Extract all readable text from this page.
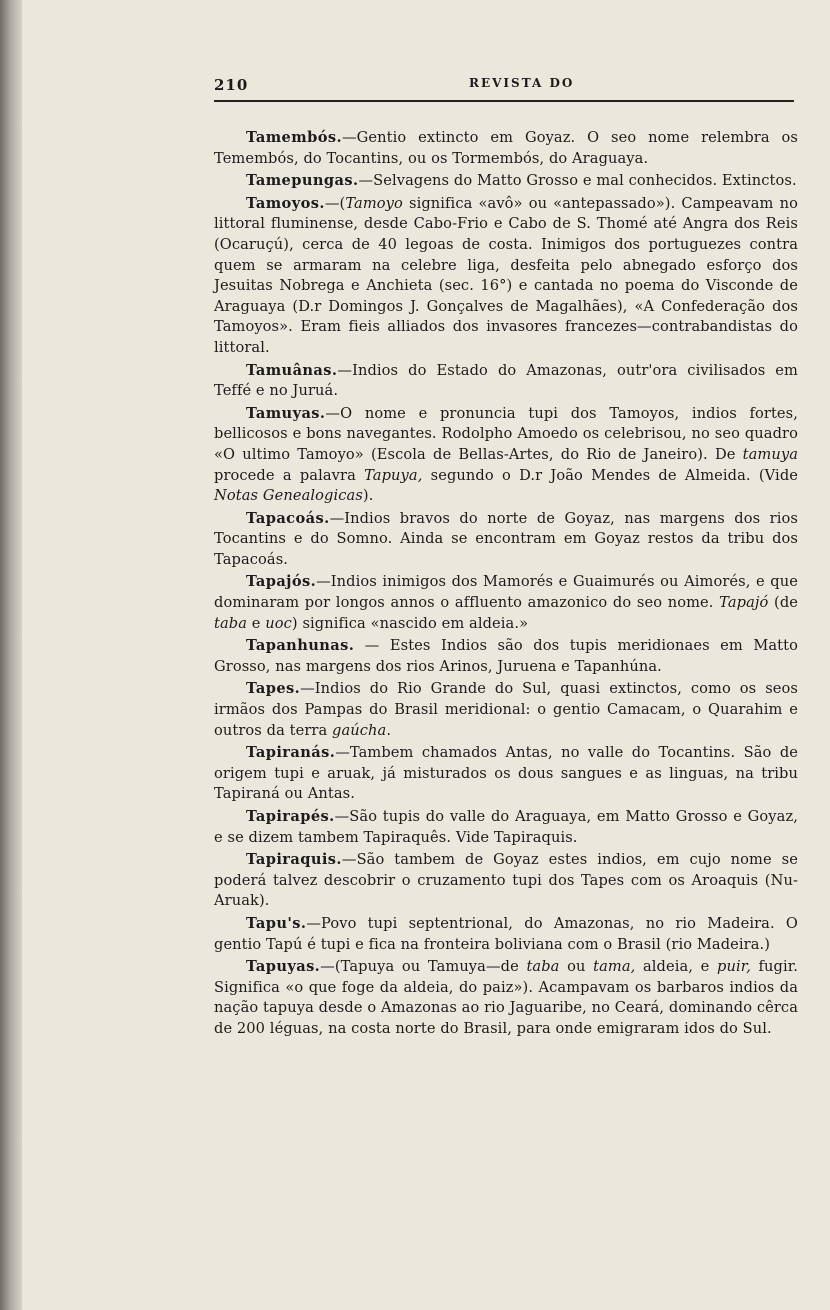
210	REVISTA DO

Tamembós.—Gentio extincto em Goyaz. O seo nome relembra os Temembós, do Tocantins, ou os Tormembós, do Araguaya.

Tamepungas.—Selvagens do Matto Grosso e mal conhecidos. Extinctos.

Tamoyos.—(Tamoyo significa «avô» ou «antepassado»). Campeavam no littoral fluminense, desde Cabo-Frio e Cabo de S. Thomé até Angra dos Reis (Ocaruçú), cerca de 40 legoas de costa. Inimigos dos portuguezes contra quem se armaram na celebre liga, desfeita pelo abnegado esforço dos Jesuitas Nobrega e Anchieta (sec. 16°) e cantada no poema do Visconde de Araguaya (D.r Domingos J. Gonçalves de Magalhães), «A Confederação dos Tamoyos». Eram fieis alliados dos invasores francezes—contrabandistas do littoral.

Tamuânas.—Indios do Estado do Amazonas, outr'ora civilisados em Teffé e no Juruá.

Tamuyas.—O nome e pronuncia tupi dos Tamoyos, indios fortes, bellicosos e bons navegantes. Rodolpho Amoedo os celebrisou, no seo quadro «O ultimo Tamoyo» (Escola de Bellas-Artes, do Rio de Janeiro). De tamuya procede a palavra Tapuya, segundo o D.r João Mendes de Almeida. (Vide Notas Genealogicas).

Tapacoás.—Indios bravos do norte de Goyaz, nas margens dos rios Tocantins e do Somno. Ainda se encontram em Goyaz restos da tribu dos Tapacoás.

Tapajós.—Indios inimigos dos Mamorés e Guaimurés ou Aimorés, e que dominaram por longos annos o affluento amazonico do seo nome. Tapajó (de taba e uoc) significa «nascido em aldeia.»

Tapanhunas. — Estes Indios são dos tupis meridionaes em Matto Grosso, nas margens dos rios Arinos, Juruena e Tapanhúna.

Tapes.—Indios do Rio Grande do Sul, quasi extinctos, como os seos irmãos dos Pampas do Brasil meridional: o gentio Camacam, o Quarahim e outros da terra gaúcha.

Tapiranás.—Tambem chamados Antas, no valle do Tocantins. São de origem tupi e aruak, já misturados os dous sangues e as linguas, na tribu Tapiraná ou Antas.

Tapirapés.—São tupis do valle do Araguaya, em Matto Grosso e Goyaz, e se dizem tambem Tapiraquês. Vide Tapiraquis.

Tapiraquis.—São tambem de Goyaz estes indios, em cujo nome se poderá talvez descobrir o cruzamento tupi dos Tapes com os Aroaquis (Nu-Aruak).

Tapu's.—Povo tupi septentrional, do Amazonas, no rio Madeira. O gentio Tapú é tupi e fica na fronteira boliviana com o Brasil (rio Madeira.)

Tapuyas.—(Tapuya ou Tamuya—de taba ou tama, aldeia, e puir, fugir. Significa «o que foge da aldeia, do paiz»). Acampavam os barbaros indios da nação tapuya desde o Amazonas ao rio Jaguaribe, no Ceará, dominando cêrca de 200 léguas, na costa norte do Brasil, para onde emigraram idos do Sul.
